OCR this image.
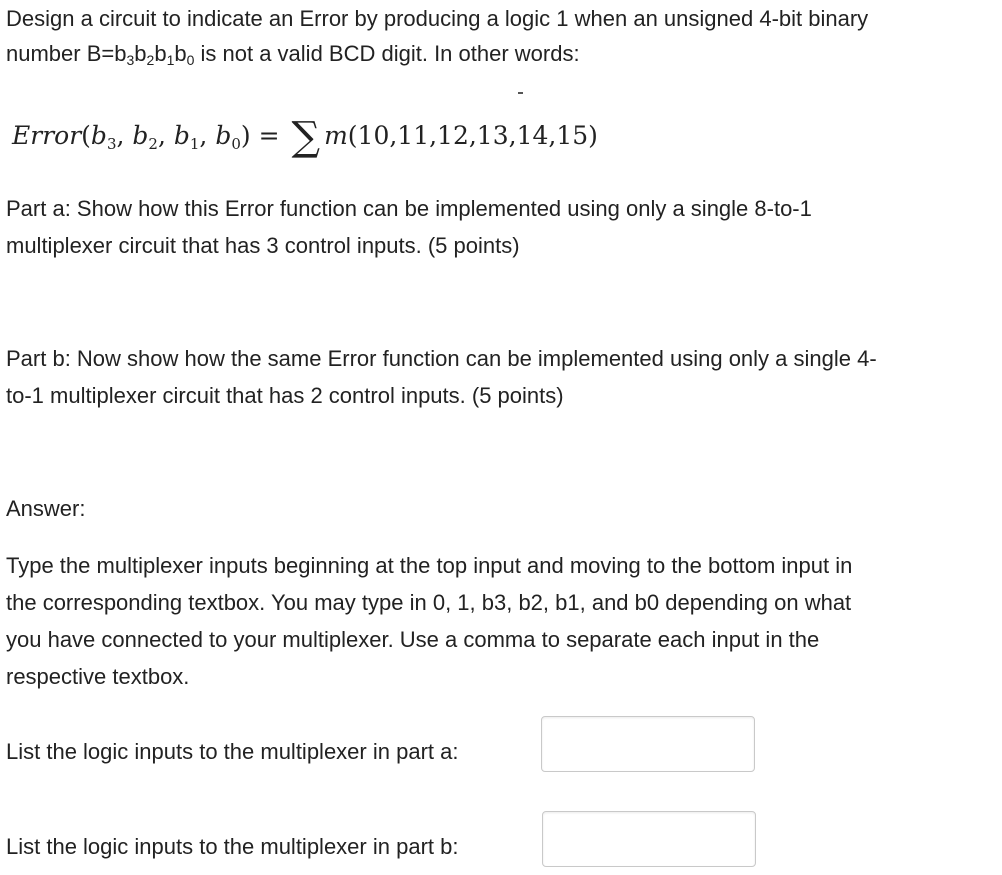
Design a circuit to indicate an Error by producing a logic 1 when an unsigned 4-bit binary

number $B=b_3b_2b_1b_0$ is not a valid BCD digit. In other words:

$Error(b_3$, $b_2$, $b_1$, $b_0$) = ∑ m(10,11,12,13,14,15)

Part a: Show how this Error function can be implemented using only a single 8-to-1

multiplexer circuit that has 3 control inputs. (5 points)

Part b: Now show how the same Error function can be implemented using only a single 4-

to-1 multiplexer circuit that has 2 control inputs. (5 points)

Answer:

Type the multiplexer inputs beginning at the top input and moving to the bottom input in

the corresponding textbox. You may type in 0, 1, b3, b2, b1, and b0 depending on what

you have connected to your multiplexer. Use a comma to separate each input in the

respective textbox.

List the logic inputs to the multiplexer in part a:

List the logic inputs to the multiplexer in part b:
